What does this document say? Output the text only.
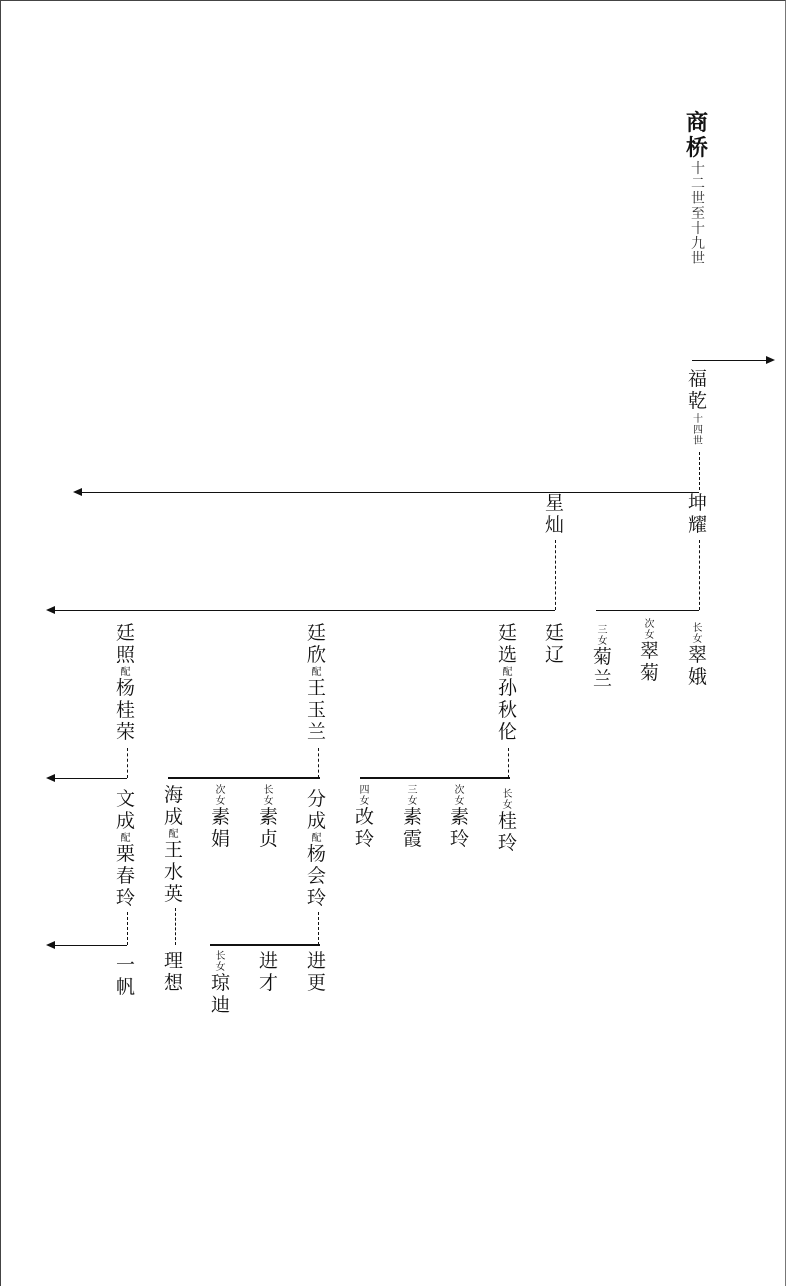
商
桥
十
二
世
至
十
九
世
福
乾
十
四
世
坤
耀
星
灿
廷
辽
长
女
翠
娥
次
女
翠
菊
三
女
菊
兰
廷
选
配
孙
秋
伦
廷
欣
配
王
玉
兰
廷
照
配
杨
桂
荣
长
女
桂
玲
次
女
素
玲
三
女
素
霞
四
女
改
玲
分
成
配
杨
会
玲
长
女
素
贞
次
女
素
娟
海
成
配
王
水
英
文
成
配
栗
春
玲
进
更
进
才
长
女
琼
迪
理
想
一
帆
